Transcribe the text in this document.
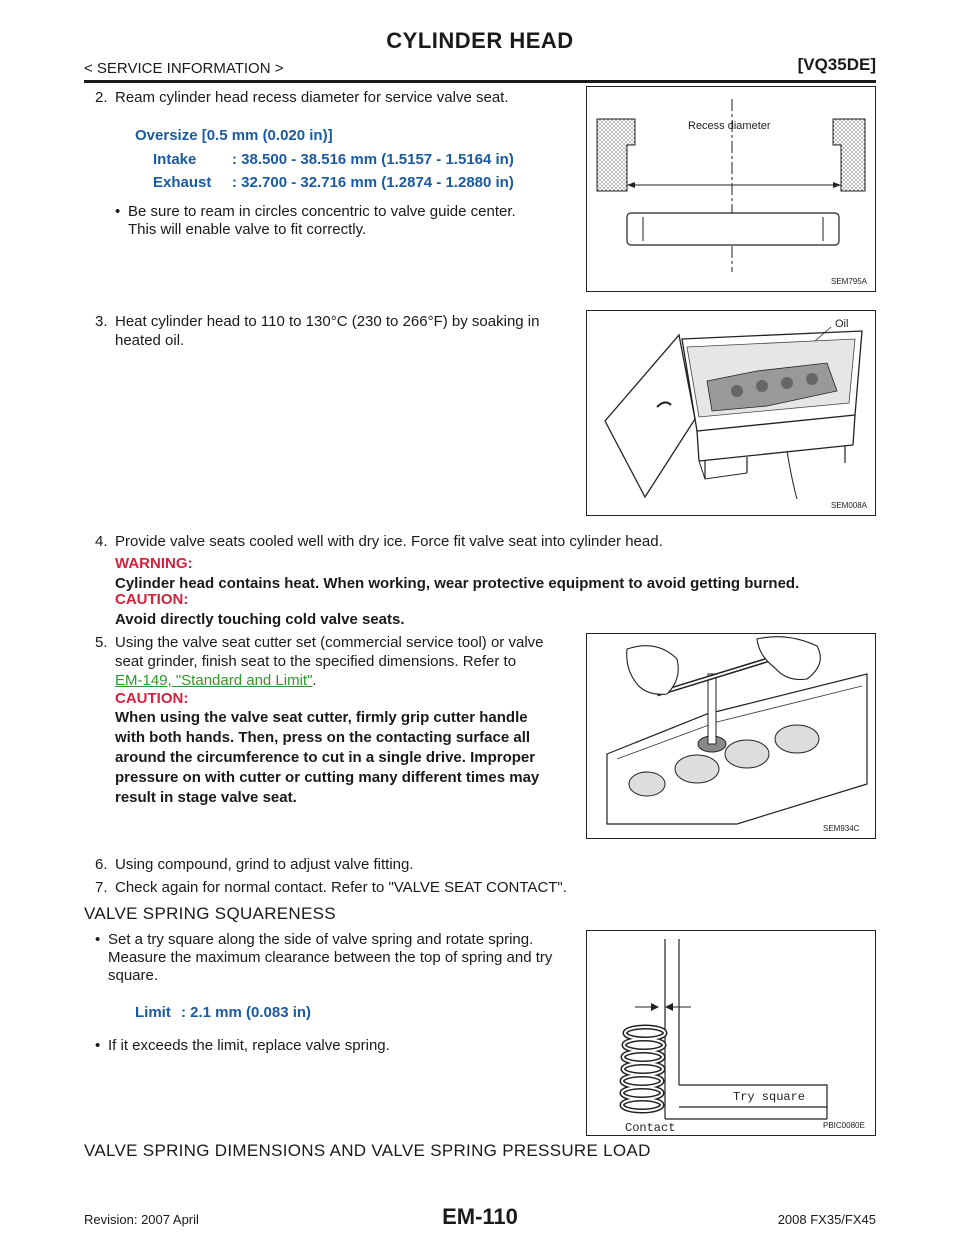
CYLINDER HEAD
< SERVICE INFORMATION >	[VQ35DE]
2. Ream cylinder head recess diameter for service valve seat.
Oversize [0.5 mm (0.020 in)]
Intake : 38.500 - 38.516 mm (1.5157 - 1.5164 in)
Exhaust : 32.700 - 32.716 mm (1.2874 - 1.2880 in)
• Be sure to ream in circles concentric to valve guide center.
This will enable valve to fit correctly.
Recess diameter
SEM795A
3. Heat cylinder head to 110 to 130°C (230 to 266°F) by soaking in
heated oil.
Oil
SEM008A
4. Provide valve seats cooled well with dry ice. Force fit valve seat into cylinder head.
WARNING:
Cylinder head contains heat. When working, wear protective equipment to avoid getting burned.
CAUTION:
Avoid directly touching cold valve seats.
5. Using the valve seat cutter set (commercial service tool) or valve
seat grinder, finish seat to the specified dimensions. Refer to
EM-149, "Standard and Limit".
CAUTION:
When using the valve seat cutter, firmly grip cutter handle
with both hands. Then, press on the contacting surface all
around the circumference to cut in a single drive. Improper
pressure on with cutter or cutting many different times may
result in stage valve seat.
SEM934C
6. Using compound, grind to adjust valve fitting.
7. Check again for normal contact. Refer to "VALVE SEAT CONTACT".
VALVE SPRING SQUARENESS
• Set a try square along the side of valve spring and rotate spring.
Measure the maximum clearance between the top of spring and try
square.
Limit : 2.1 mm (0.083 in)
• If it exceeds the limit, replace valve spring.
Try square
Contact	PBIC0080E
VALVE SPRING DIMENSIONS AND VALVE SPRING PRESSURE LOAD
Revision: 2007 April	EM-110	2008 FX35/FX45
